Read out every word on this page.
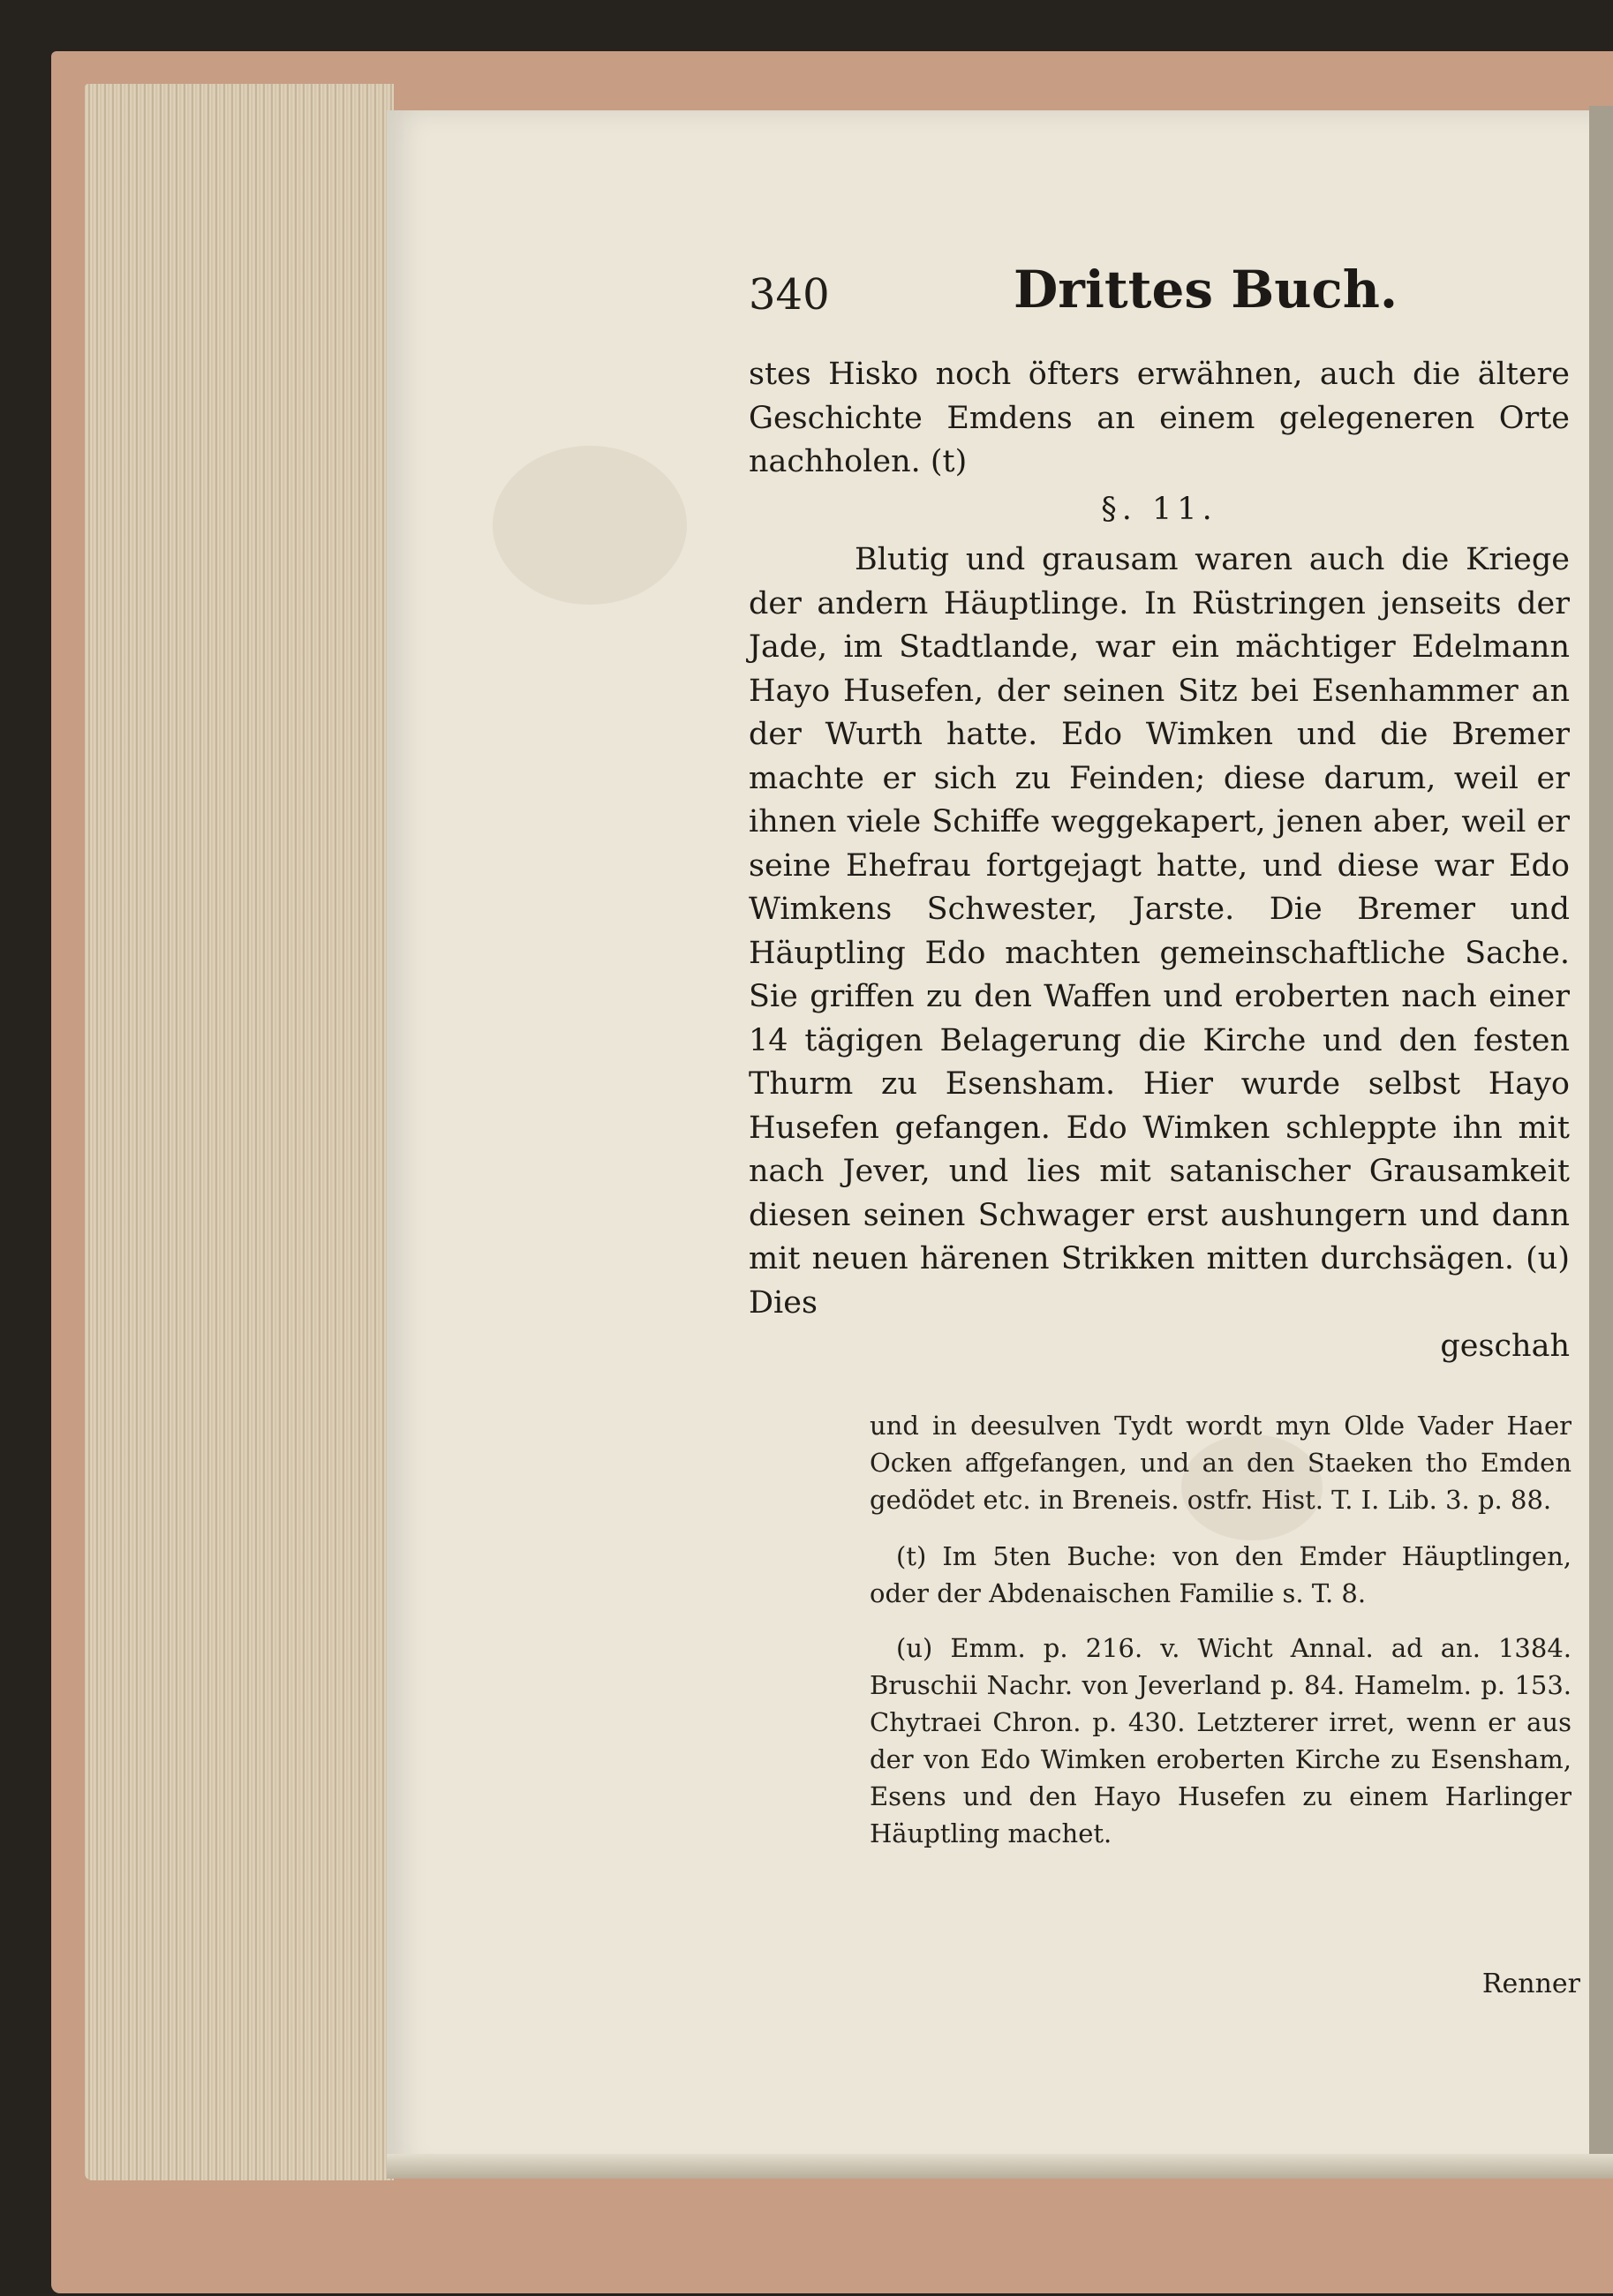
340	Drittes Buch.

stes Hisko noch öfters erwähnen, auch die ältere Geschichte Emdens an einem gelegeneren Orte nachholen. (t)

§. 11.

Blutig und grausam waren auch die Kriege der andern Häuptlinge. In Rüstringen jenseits der Jade, im Stadtlande, war ein mächtiger Edelmann Hayo Husefen, der seinen Sitz bei Esenhammer an der Wurth hatte. Edo Wimken und die Bremer machte er sich zu Feinden; diese darum, weil er ihnen viele Schiffe weggekapert, jenen aber, weil er seine Ehefrau fortgejagt hatte, und diese war Edo Wimkens Schwester, Jarste. Die Bremer und Häuptling Edo machten gemeinschaftliche Sache. Sie griffen zu den Waffen und eroberten nach einer 14 tägigen Belagerung die Kirche und den festen Thurm zu Esensham. Hier wurde selbst Hayo Husefen gefangen. Edo Wimken schleppte ihn mit nach Jever, und lies mit satanischer Grausamkeit diesen seinen Schwager erst aushungern und dann mit neuen härenen Strikken mitten durchsägen. (u) Dies

geschah

und in deesulven Tydt wordt myn Olde Vader Haer Ocken affgefangen, und an den Staeken tho Emden gedödet etc. in Breneis. ostfr. Hist. T. I. Lib. 3. p. 88.

(t) Im 5ten Buche: von den Emder Häuptlingen, oder der Abdenaischen Familie s. T. 8.

(u) Emm. p. 216. v. Wicht Annal. ad an. 1384. Bruschii Nachr. von Jeverland p. 84. Hamelm. p. 153. Chytraei Chron. p. 430. Letzterer irret, wenn er aus der von Edo Wimken eroberten Kirche zu Esensham, Esens und den Hayo Husefen zu einem Harlinger Häuptling machet.

Renner
